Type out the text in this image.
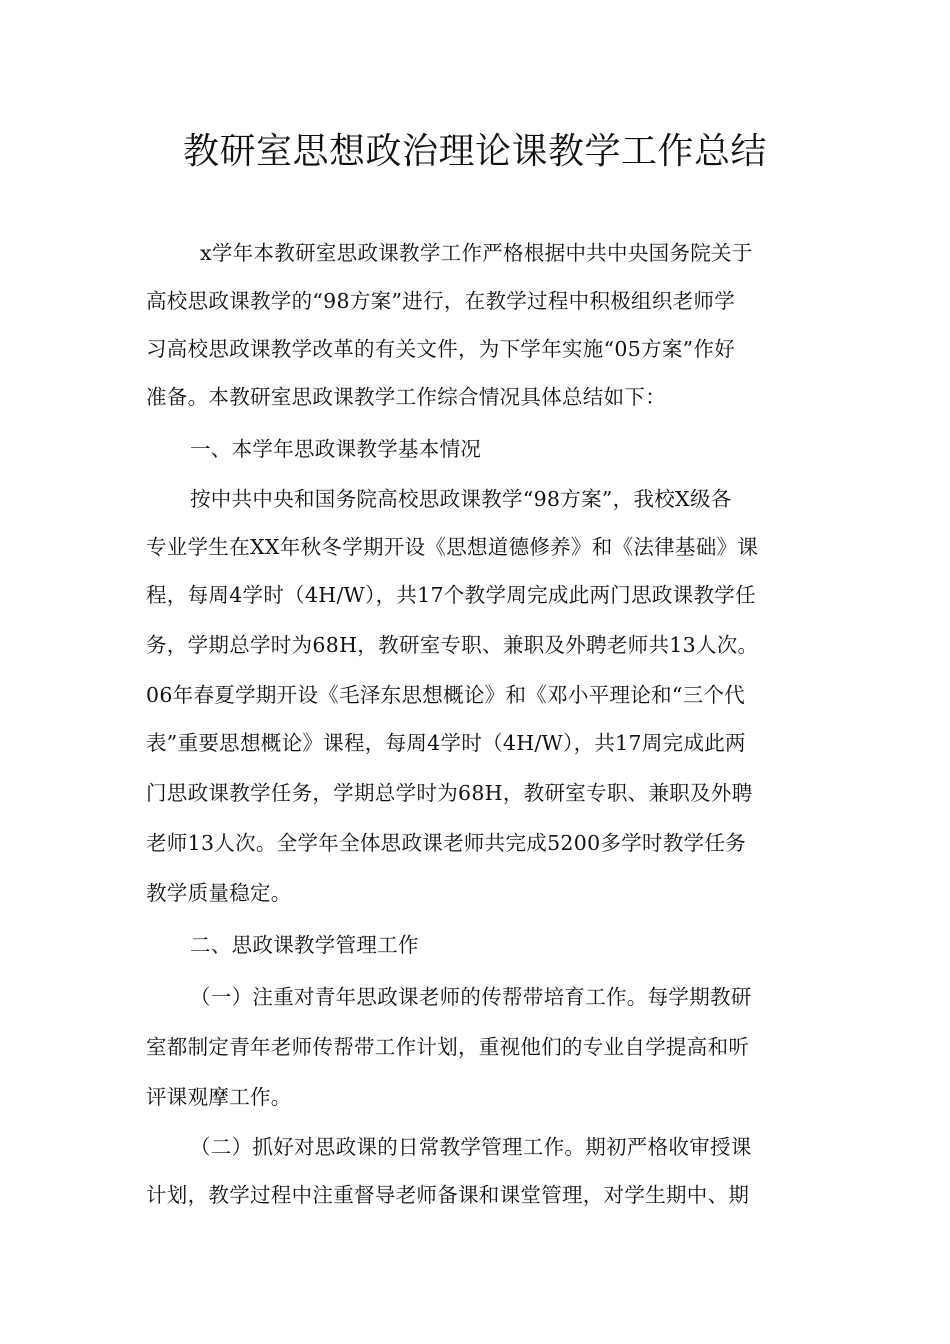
教研室思想政治理论课教学工作总结

x学年本教研室思政课教学工作严格根据中共中央国务院关于

高校思政课教学的“98方案”进行，在教学过程中积极组织老师学

习高校思政课教学改革的有关文件，为下学年实施“05方案”作好

准备。本教研室思政课教学工作综合情况具体总结如下：

一、本学年思政课教学基本情况

按中共中央和国务院高校思政课教学“98方案”，我校X级各

专业学生在XX年秋冬学期开设《思想道德修养》和《法律基础》课

程，每周4学时（4H/W），共17个教学周完成此两门思政课教学任

务，学期总学时为68H，教研室专职、兼职及外聘老师共13人次。

06年春夏学期开设《毛泽东思想概论》和《邓小平理论和“三个代

表”重要思想概论》课程，每周4学时（4H/W），共17周完成此两

门思政课教学任务，学期总学时为68H，教研室专职、兼职及外聘

老师13人次。全学年全体思政课老师共完成5200多学时教学任务

教学质量稳定。

二、思政课教学管理工作

（一）注重对青年思政课老师的传帮带培育工作。每学期教研

室都制定青年老师传帮带工作计划，重视他们的专业自学提高和听

评课观摩工作。

（二）抓好对思政课的日常教学管理工作。期初严格收审授课

计划，教学过程中注重督导老师备课和课堂管理，对学生期中、期
